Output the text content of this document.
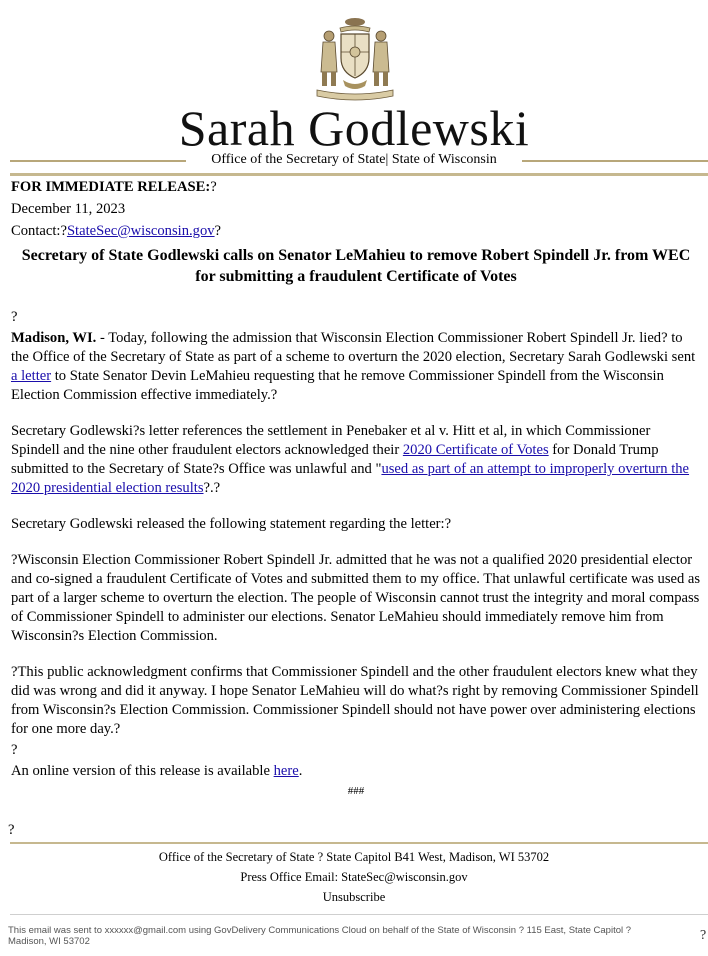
Sarah Godlewski
Office of the Secretary of State| State of Wisconsin

FOR IMMEDIATE RELEASE:?

December 11, 2023

Contact:?StateSec@wisconsin.gov?

Secretary of State Godlewski calls on Senator LeMahieu to remove Robert Spindell Jr. from WEC for submitting a fraudulent Certificate of Votes

?

Madison, WI. - Today, following the admission that Wisconsin Election Commissioner Robert Spindell Jr. lied? to the Office of the Secretary of State as part of a scheme to overturn the 2020 election, Secretary Sarah Godlewski sent a letter to State Senator Devin LeMahieu requesting that he remove Commissioner Spindell from the Wisconsin Election Commission effective immediately.?

Secretary Godlewski?s letter references the settlement in Penebaker et al v. Hitt et al, in which Commissioner Spindell and the nine other fraudulent electors acknowledged their 2020 Certificate of Votes for Donald Trump submitted to the Secretary of State?s Office was unlawful and "used as part of an attempt to improperly overturn the 2020 presidential election results?.?

Secretary Godlewski released the following statement regarding the letter:?

?Wisconsin Election Commissioner Robert Spindell Jr. admitted that he was not a qualified 2020 presidential elector and co-signed a fraudulent Certificate of Votes and submitted them to my office. That unlawful certificate was used as part of a larger scheme to overturn the election. The people of Wisconsin cannot trust the integrity and moral compass of Commissioner Spindell to administer our elections. Senator LeMahieu should immediately remove him from Wisconsin?s Election Commission.

?This public acknowledgment confirms that Commissioner Spindell and the other fraudulent electors knew what they did was wrong and did it anyway. I hope Senator LeMahieu will do what?s right by removing Commissioner Spindell from Wisconsin?s Election Commission. Commissioner Spindell should not have power over administering elections for one more day.?

?

An online version of this release is available here.

###

?

Office of the Secretary of State ? State Capitol B41 West, Madison, WI 53702
Press Office Email: StateSec@wisconsin.gov
Unsubscribe
This email was sent to xxxxxx@gmail.com using GovDelivery Communications Cloud on behalf of the State of Wisconsin ? 115 East, State Capitol ? Madison, WI 53702	?
